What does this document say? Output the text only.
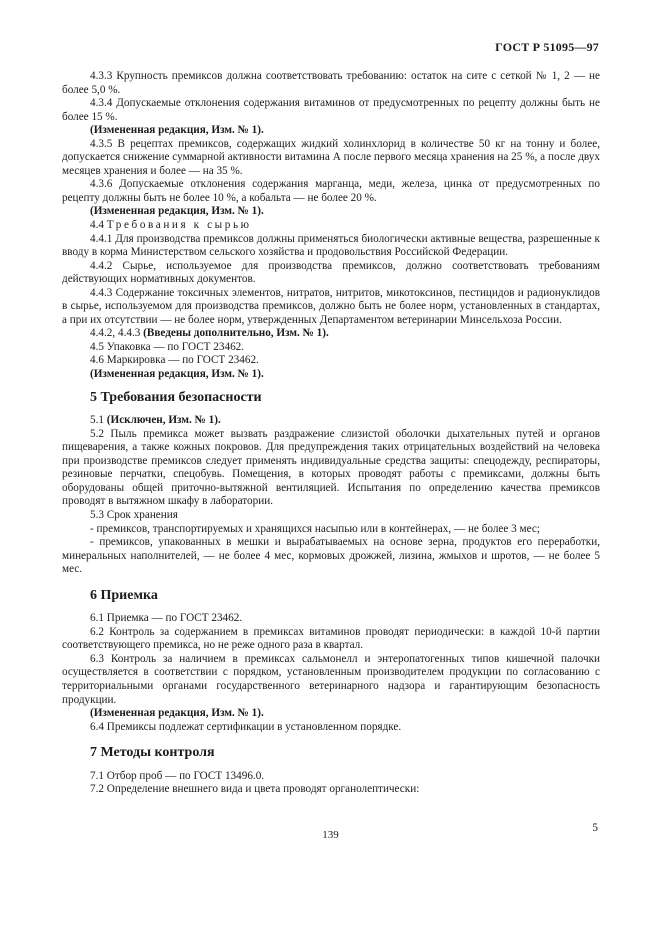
ГОСТ Р 51095—97

4.3.3 Крупность премиксов должна соответствовать требованию: остаток на сите с сеткой № 1, 2 — не более 5,0 %.

4.3.4 Допускаемые отклонения содержания витаминов от предусмотренных по рецепту должны быть не более 15 %.

(Измененная редакция, Изм. № 1).

4.3.5 В рецептах премиксов, содержащих жидкий холинхлорид в количестве 50 кг на тонну и более, допускается снижение суммарной активности витамина А после первого месяца хранения на 25 %, а после двух месяцев хранения и более — на 35 %.

4.3.6 Допускаемые отклонения содержания марганца, меди, железа, цинка от предусмотренных по рецепту должны быть не более 10 %, а кобальта — не более 20 %.

(Измененная редакция, Изм. № 1).

4.4 Требования к сырью

4.4.1 Для производства премиксов должны применяться биологически активные вещества, разрешенные к вводу в корма Министерством сельского хозяйства и продовольствия Российской Федерации.

4.4.2 Сырье, используемое для производства премиксов, должно соответствовать требованиям действующих нормативных документов.

4.4.3 Содержание токсичных элементов, нитратов, нитритов, микотоксинов, пестицидов и радионуклидов в сырье, используемом для производства премиксов, должно быть не более норм, установленных в стандартах, а при их отсутствии — не более норм, утвержденных Департаментом ветеринарии Минсельхоза России.

4.4.2, 4.4.3 (Введены дополнительно, Изм. № 1).

4.5 Упаковка — по ГОСТ 23462.

4.6 Маркировка — по ГОСТ 23462.

(Измененная редакция, Изм. № 1).

5 Требования безопасности

5.1 (Исключен, Изм. № 1).

5.2 Пыль премикса может вызвать раздражение слизистой оболочки дыхательных путей и органов пищеварения, а также кожных покровов. Для предупреждения таких отрицательных воздействий на человека при производстве премиксов следует применять индивидуальные средства защиты: спецодежду, респираторы, резиновые перчатки, спецобувь. Помещения, в которых проводят работы с премиксами, должны быть оборудованы общей приточно-вытяжной вентиляцией. Испытания по определению качества премиксов проводят в вытяжном шкафу в лаборатории.

5.3 Срок хранения

- премиксов, транспортируемых и хранящихся насыпью или в контейнерах, — не более 3 мес;

- премиксов, упакованных в мешки и вырабатываемых на основе зерна, продуктов его переработки, минеральных наполнителей, — не более 4 мес, кормовых дрожжей, лизина, жмыхов и шротов, — не более 5 мес.

6 Приемка

6.1 Приемка — по ГОСТ 23462.

6.2 Контроль за содержанием в премиксах витаминов проводят периодически: в каждой 10-й партии соответствующего премикса, но не реже одного раза в квартал.

6.3 Контроль за наличием в премиксах сальмонелл и энтеропатогенных типов кишечной палочки осуществляется в соответствии с порядком, установленным производителем продукции по согласованию с территориальными органами государственного ветеринарного надзора и гарантирующим безопасность продукции.

(Измененная редакция, Изм. № 1).

6.4 Премиксы подлежат сертификации в установленном порядке.

7 Методы контроля

7.1 Отбор проб — по ГОСТ 13496.0.

7.2 Определение внешнего вида и цвета проводят органолептически:

139
5
